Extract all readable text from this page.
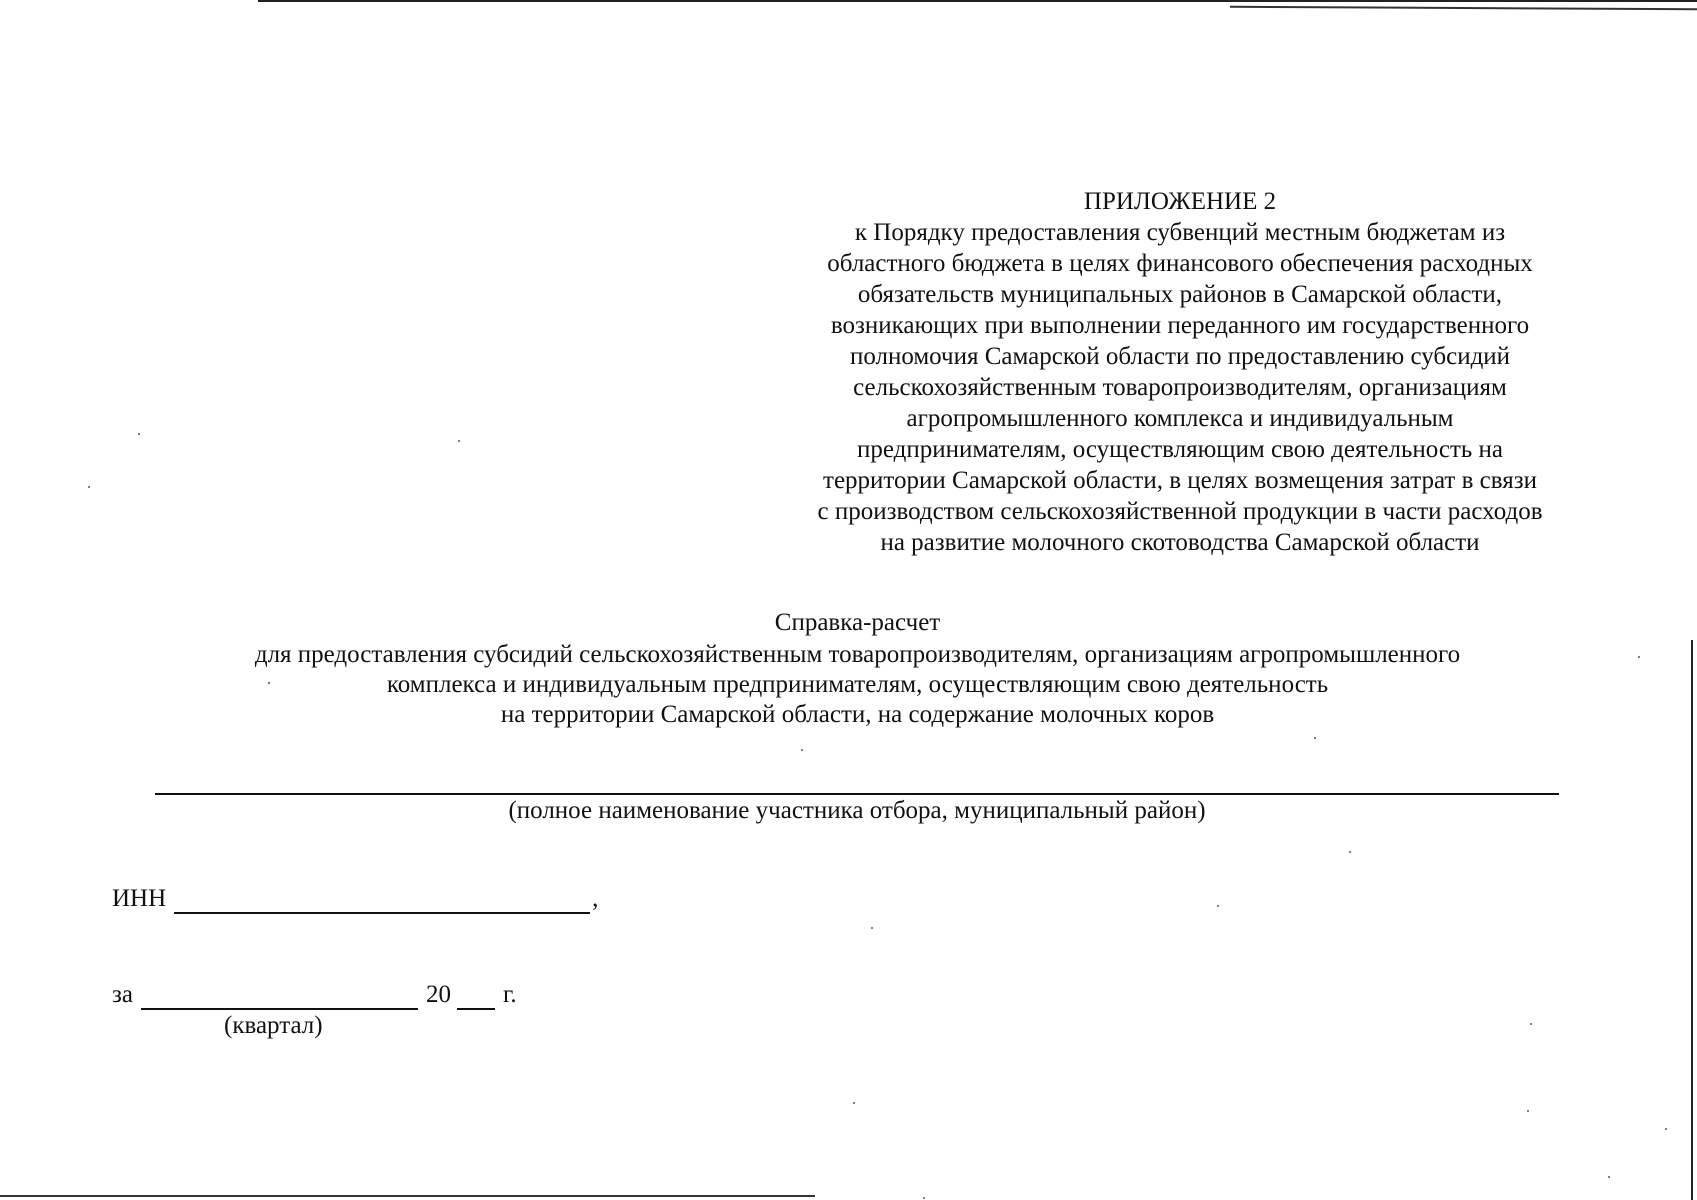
ПРИЛОЖЕНИЕ 2
к Порядку предоставления субвенций местным бюджетам из
областного бюджета в целях финансового обеспечения расходных
обязательств муниципальных районов в Самарской области,
возникающих при выполнении переданного им государственного
полномочия Самарской области по предоставлению субсидий
сельскохозяйственным товаропроизводителям, организациям
агропромышленного комплекса и индивидуальным
предпринимателям, осуществляющим свою деятельность на
территории Самарской области, в целях возмещения затрат в связи
с производством сельскохозяйственной продукции в части расходов
на развитие молочного скотоводства Самарской области
Справка-расчет
для предоставления субсидий сельскохозяйственным товаропроизводителям, организациям агропромышленного
комплекса и индивидуальным предпринимателям, осуществляющим свою деятельность
на территории Самарской области, на содержание молочных коров
(полное наименование участника отбора, муниципальный район)
ИНН	,
за	20 г.
(квартал)
